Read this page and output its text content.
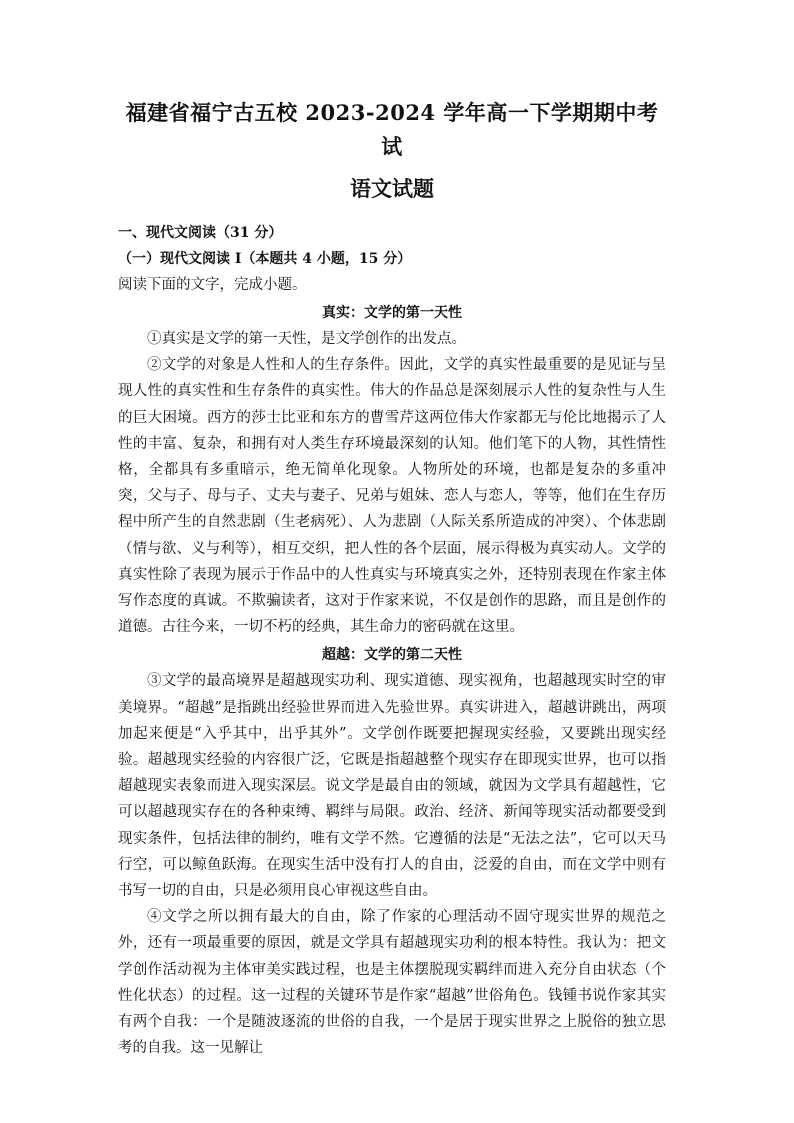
福建省福宁古五校 2023-2024 学年高一下学期期中考试
语文试题

一、现代文阅读（31 分）

（一）现代文阅读 I（本题共 4 小题，15 分）

阅读下面的文字，完成小题。

真实：文学的第一天性

①真实是文学的第一天性，是文学创作的出发点。

②文学的对象是人性和人的生存条件。因此，文学的真实性最重要的是见证与呈现人性的真实性和生存条件的真实性。伟大的作品总是深刻展示人性的复杂性与人生的巨大困境。西方的莎士比亚和东方的曹雪芹这两位伟大作家都无与伦比地揭示了人性的丰富、复杂，和拥有对人类生存环境最深刻的认知。他们笔下的人物，其性情性格，全都具有多重暗示，绝无简单化现象。人物所处的环境，也都是复杂的多重冲突，父与子、母与子、丈夫与妻子、兄弟与姐妹、恋人与恋人，等等，他们在生存历程中所产生的自然悲剧（生老病死）、人为悲剧（人际关系所造成的冲突）、个体悲剧（情与欲、义与利等），相互交织，把人性的各个层面，展示得极为真实动人。文学的真实性除了表现为展示于作品中的人性真实与环境真实之外，还特别表现在作家主体写作态度的真诚。不欺骗读者，这对于作家来说，不仅是创作的思路，而且是创作的道德。古往今来，一切不朽的经典，其生命力的密码就在这里。

超越：文学的第二天性

③文学的最高境界是超越现实功利、现实道德、现实视角，也超越现实时空的审美境界。“超越”是指跳出经验世界而进入先验世界。真实讲进入，超越讲跳出，两项加起来便是“入乎其中，出乎其外”。文学创作既要把握现实经验，又要跳出现实经验。超越现实经验的内容很广泛，它既是指超越整个现实存在即现实世界，也可以指超越现实表象而进入现实深层。说文学是最自由的领域，就因为文学具有超越性，它可以超越现实存在的各种束缚、羁绊与局限。政治、经济、新闻等现实活动都要受到现实条件，包括法律的制约，唯有文学不然。它遵循的法是“无法之法”，它可以天马行空，可以鲸鱼跃海。在现实生活中没有打人的自由，泛爱的自由，而在文学中则有书写一切的自由，只是必须用良心审视这些自由。

④文学之所以拥有最大的自由，除了作家的心理活动不固守现实世界的规范之外，还有一项最重要的原因，就是文学具有超越现实功利的根本特性。我认为：把文学创作活动视为主体审美实践过程，也是主体摆脱现实羁绊而进入充分自由状态（个性化状态）的过程。这一过程的关键环节是作家“超越”世俗角色。钱锺书说作家其实有两个自我：一个是随波逐流的世俗的自我，一个是居于现实世界之上脱俗的独立思考的自我。这一见解让
